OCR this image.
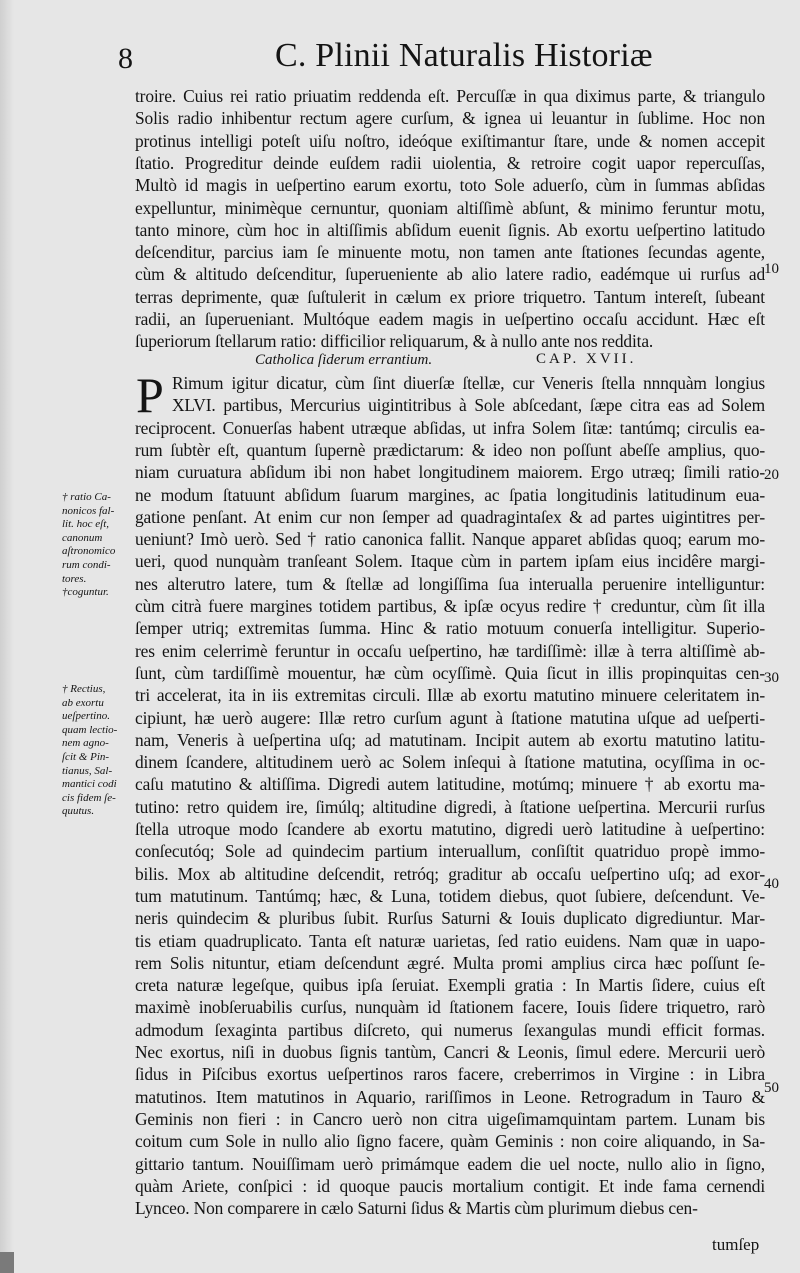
8	C. Plinii Naturalis Historiæ
troire. Cuius rei ratio priuatim reddenda eſt. Percuſſæ in qua diximus parte, & triangulo
Solis radio inhibentur rectum agere curſum, & ignea ui leuantur in ſublime. Hoc non
protinus intelligi poteſt uiſu noſtro, ideóque exiſtimantur ſtare, unde & nomen accepit
ſtatio. Progreditur deinde euſdem radii uiolentia, & retroire cogit uapor repercuſſas,
Multò id magis in ueſpertino earum exortu, toto Sole aduerſo, cùm in ſummas abſidas
expelluntur, minimèque cernuntur, quoniam altiſſimè abſunt, & minimo feruntur motu,
tanto minore, cùm hoc in altiſſimis abſidum euenit ſignis. Ab exortu ueſpertino latitudo
deſcenditur, parcius iam ſe minuente motu, non tamen ante ſtationes ſecundas agente,
cùm & altitudo deſcenditur, ſuperueniente ab alio latere radio, eadémque ui rurſus ad
terras deprimente, quæ ſuſtulerit in cælum ex priore triquetro. Tantum intereſt, ſubeant
radii, an ſuperueniant. Multóque eadem magis in ueſpertino occaſu accidunt. Hæc eſt
ſuperiorum ſtellarum ratio: difficilior reliquarum, & à nullo ante nos reddita.
Rimum igitur dicatur, cùm ſint diuerſæ ſtellæ, cur Veneris ſtella nnnquàm longius
XLVI. partibus, Mercurius uigintitribus à Sole abſcedant, ſæpe citra eas ad Solem
reciprocent. Conuerſas habent utræque abſidas, ut infra Solem ſitæ: tantúmq; circulis ea-
rum ſubtèr eſt, quantum ſupernè prædictarum: & ideo non poſſunt abeſſe amplius, quo-
niam curuatura abſidum ibi non habet longitudinem maiorem. Ergo utræq; ſimili ratio-
ne modum ſtatuunt abſidum ſuarum margines, ac ſpatia longitudinis latitudinum eua-
gatione penſant. At enim cur non ſemper ad quadragintaſex & ad partes uigintitres per-
ueniunt? Imò uerò. Sed † ratio canonica fallit. Nanque apparet abſidas quoq; earum mo-
ueri, quod nunquàm tranſeant Solem. Itaque cùm in partem ipſam eius incidêre margi-
nes alterutro latere, tum & ſtellæ ad longiſſima ſua interualla peruenire intelliguntur:
cùm citrà fuere margines totidem partibus, & ipſæ ocyus redire † creduntur, cùm ſit illa
ſemper utriq; extremitas ſumma. Hinc & ratio motuum conuerſa intelligitur. Superio-
res enim celerrimè feruntur in occaſu ueſpertino, hæ tardiſſimè: illæ à terra altiſſimè ab-
ſunt, cùm tardiſſimè mouentur, hæ cùm ocyſſimè. Quia ſicut in illis propinquitas cen-
tri accelerat, ita in iis extremitas circuli. Illæ ab exortu matutino minuere celeritatem in-
cipiunt, hæ uerò augere: Illæ retro curſum agunt à ſtatione matutina uſque ad ueſperti-
nam, Veneris à ueſpertina uſq; ad matutinam. Incipit autem ab exortu matutino latitu-
dinem ſcandere, altitudinem uerò ac Solem inſequi à ſtatione matutina, ocyſſima in oc-
caſu matutino & altiſſima. Digredi autem latitudine, motúmq; minuere † ab exortu ma-
tutino: retro quidem ire, ſimúlq; altitudine digredi, à ſtatione ueſpertina. Mercurii rurſus
ſtella utroque modo ſcandere ab exortu matutino, digredi uerò latitudine à ueſpertino:
conſecutóq; Sole ad quindecim partium interuallum, conſiſtit quatriduo propè immo-
bilis. Mox ab altitudine deſcendit, retróq; graditur ab occaſu ueſpertino uſq; ad exor-
tum matutinum. Tantúmq; hæc, & Luna, totidem diebus, quot ſubiere, deſcendunt. Ve-
neris quindecim & pluribus ſubit. Rurſus Saturni & Iouis duplicato digrediuntur. Mar-
tis etiam quadruplicato. Tanta eſt naturæ uarietas, ſed ratio euidens. Nam quæ in uapo-
rem Solis nituntur, etiam deſcendunt ægré. Multa promi amplius circa hæc poſſunt ſe-
creta naturæ legeſque, quibus ipſa ſeruiat. Exempli gratia : In Martis ſidere, cuius eſt
maximè inobſeruabilis curſus, nunquàm id ſtationem facere, Iouis ſidere triquetro, rarò
admodum ſexaginta partibus diſcreto, qui numerus ſexangulas mundi efficit formas.
Nec exortus, niſi in duobus ſignis tantùm, Cancri & Leonis, ſimul edere. Mercurii uerò
ſidus in Piſcibus exortus ueſpertinos raros facere, creberrimos in Virgine : in Libra
matutinos. Item matutinos in Aquario, rariſſimos in Leone. Retrogradum in Tauro &
Geminis non fieri : in Cancro uerò non citra uigeſimamquintam partem. Lunam bis
coitum cum Sole in nullo alio ſigno facere, quàm Geminis : non coire aliquando, in Sa-
gittario tantum. Nouiſſimam uerò primámque eadem die uel nocte, nullo alio in ſigno,
quàm Ariete, conſpici : id quoque paucis mortalium contigit. Et inde fama cernendi
Lynceo. Non comparere in cælo Saturni ſidus & Martis cùm plurimum diebus cen-
Catholica ſiderum errantium.	CAP. XVII.
P
† ratio Ca-
nonicos fal-
lit. hoc eſt,
canonum
aſtronomico
rum condi-
tores.
†coguntur.
† Rectius,
ab exortu
ueſpertino.
quam lectio-
nem agno-
ſcit & Pin-
tianus, Sal-
mantici codi
cis fidem ſe-
quutus.
10
20
30
40
50
tumſep
